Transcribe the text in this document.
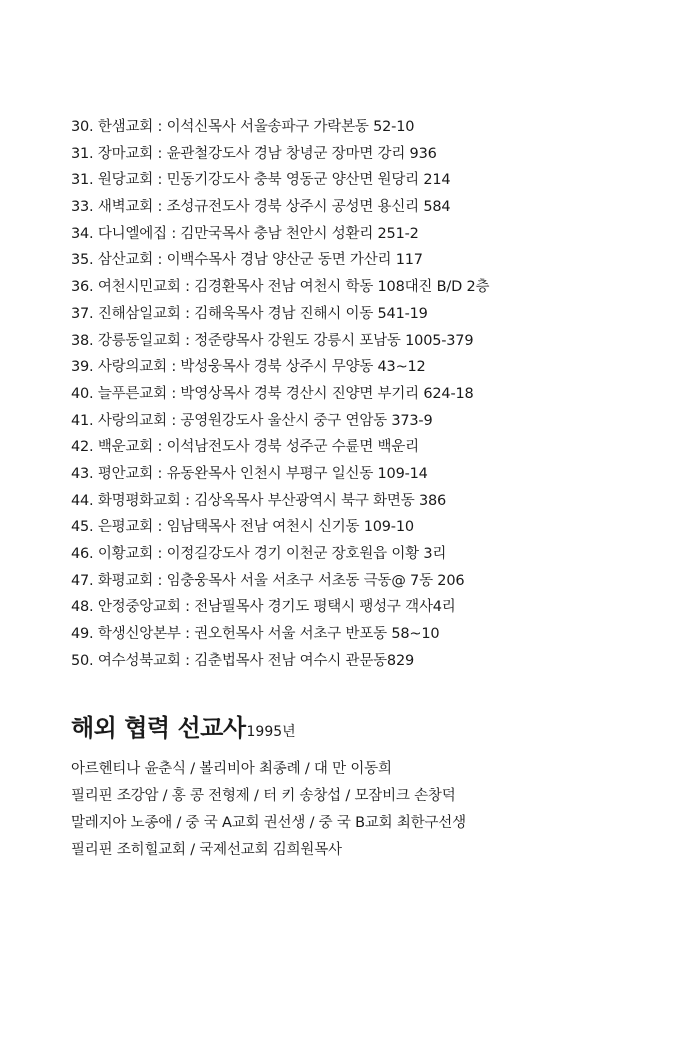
30. 한샘교회 : 이석신목사 서울송파구 가락본동 52-10
31. 장마교회 : 윤관철강도사 경남 창녕군 장마면 강리 936
31. 원당교회 : 민동기강도사 충북 영동군 양산면 원당리 214
33. 새벽교회 : 조성규전도사 경북 상주시 공성면 용신리 584
34. 다니엘에집 : 김만국목사 충남 천안시 성환리 251-2
35. 삼산교회 : 이백수목사 경남 양산군 동면 가산리 117
36. 여천시민교회 : 김경환목사 전남 여천시 학동 108대진 B/D 2층
37. 진해삼일교회 : 김해욱목사 경남 진해시 이동 541-19
38. 강릉동일교회 : 정준량목사 강원도 강릉시 포남동 1005-379
39. 사랑의교회 : 박성웅목사 경북 상주시 무양동 43~12
40. 늘푸른교회 : 박영상목사 경북 경산시 진양면 부기리 624-18
41. 사랑의교회 : 공영원강도사 울산시 중구 연암동 373-9
42. 백운교회 : 이석남전도사 경북 성주군 수륜면 백운리
43. 평안교회 : 유동완목사 인천시 부평구 일신동 109-14
44. 화명평화교회 : 김상옥목사 부산광역시 북구 화면동 386
45. 은평교회 : 임남택목사 전남 여천시 신기동 109-10
46. 이황교회 : 이정길강도사 경기 이천군 장호원읍 이황 3리
47. 화평교회 : 임충웅목사 서울 서초구 서초동 극동@ 7동 206
48. 안정중앙교회 : 전남필목사 경기도 평택시 팽성구 객사4리
49. 학생신앙본부 : 권오헌목사 서울 서초구 반포동 58~10
50. 여수성북교회 : 김춘법목사 전남 여수시 관문동829
해외 협력 선교사1995년
아르헨티나 윤춘식 / 볼리비아 최종례 / 대 만 이동희
필리핀 조강암 / 홍 콩 전형제 / 터 키 송창섭 / 모잠비크 손창덕
말레지아 노종애 / 중 국 A교회 권선생 / 중 국 B교회 최한구선생
필리핀 조히힐교회 / 국제선교회 김희원목사
